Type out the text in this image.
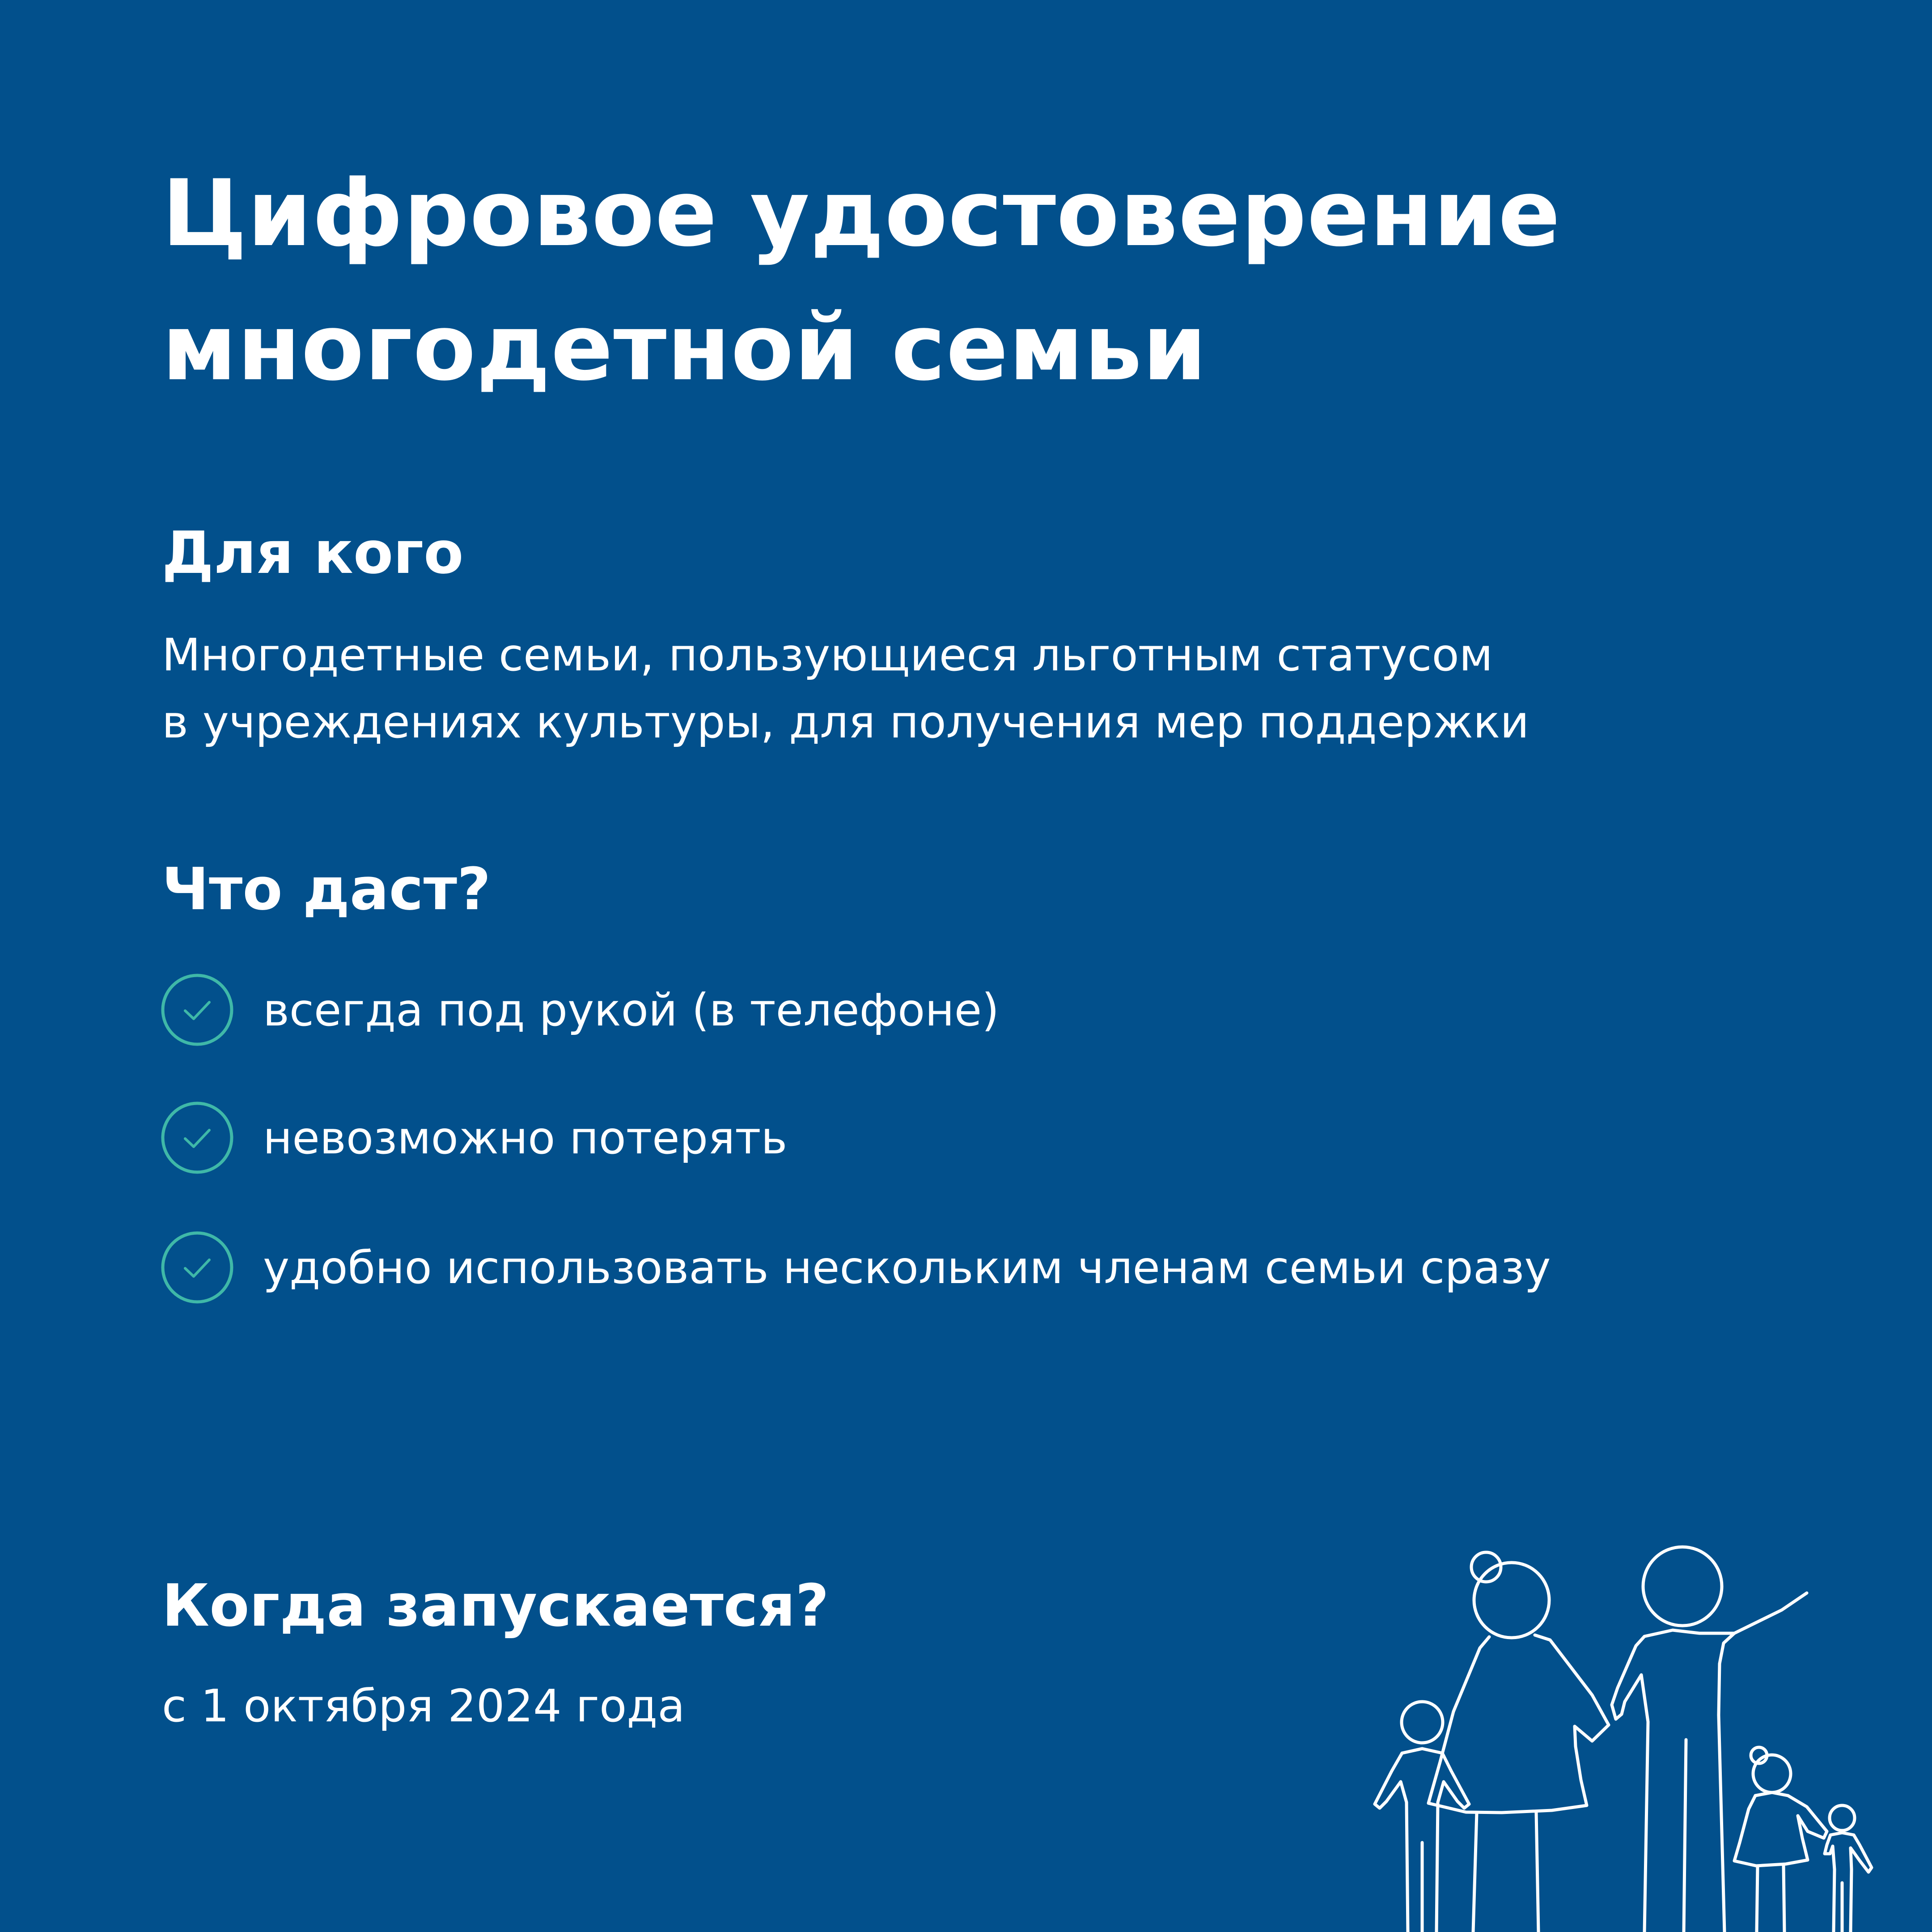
Цифровое удостоверение
многодетной семьи
Для кого

Многодетные семьи, пользующиеся льготным статусом
в учреждениях культуры, для получения мер поддержки

Что даст?
всегда под рукой (в телефоне)
невозможно потерять
удобно использовать нескольким членам семьи сразу
Когда запускается?

с 1 октября 2024 года
